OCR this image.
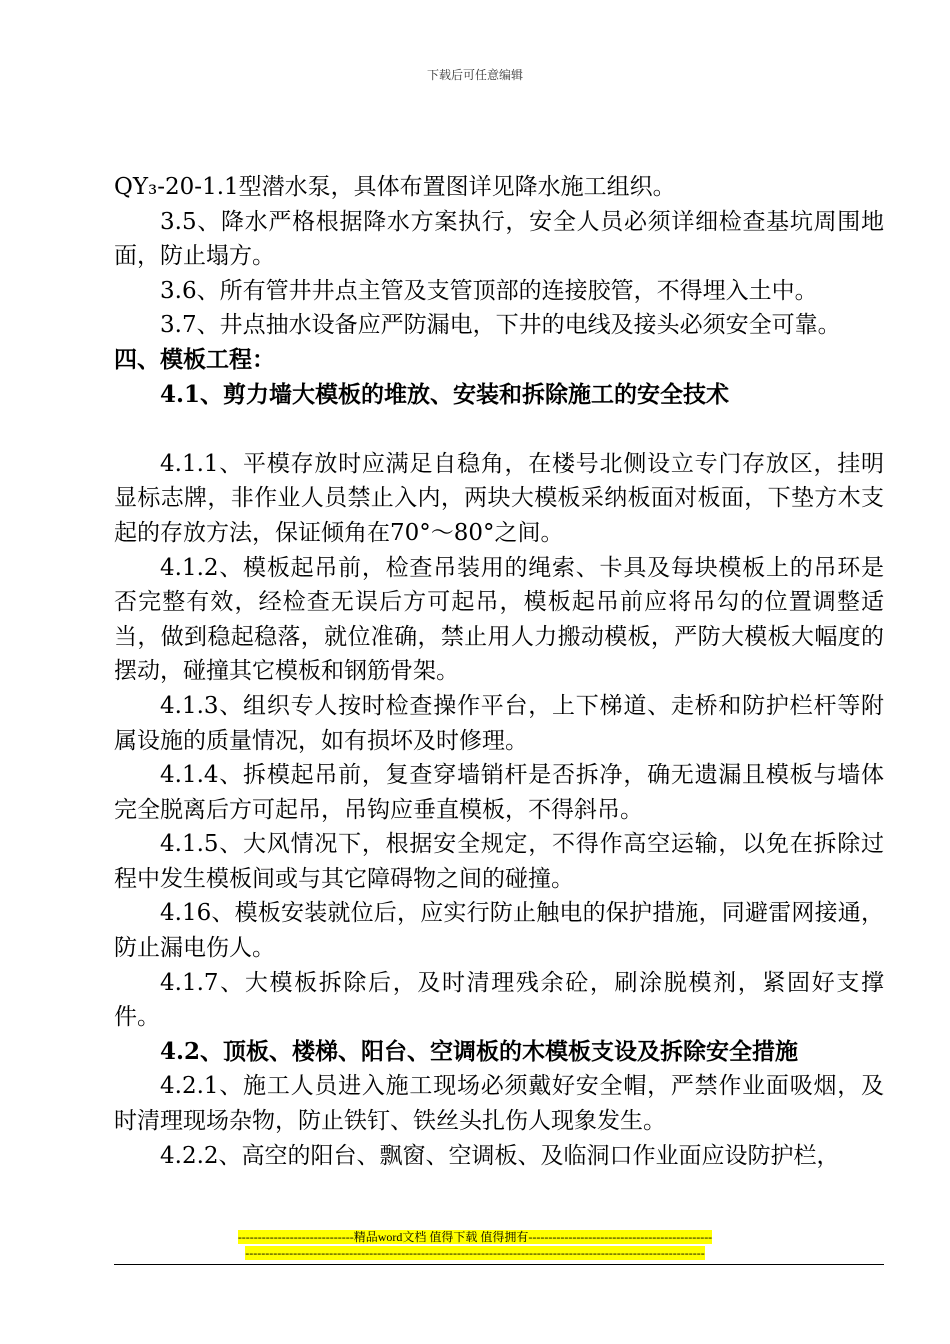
下载后可任意编辑

QY₃-20-1.1型潜水泵，具体布置图详见降水施工组织。

3.5、降水严格根据降水方案执行，安全人员必须详细检查基坑周围地面，防止塌方。

3.6、所有管井井点主管及支管顶部的连接胶管，不得埋入土中。

3.7、井点抽水设备应严防漏电，下井的电线及接头必须安全可靠。

四、模板工程：

4.1、剪力墙大模板的堆放、安装和拆除施工的安全技术

4.1.1、平模存放时应满足自稳角，在楼号北侧设立专门存放区，挂明显标志牌，非作业人员禁止入内，两块大模板采纳板面对板面，下垫方木支起的存放方法，保证倾角在70°～80°之间。

4.1.2、模板起吊前，检查吊装用的绳索、卡具及每块模板上的吊环是否完整有效，经检查无误后方可起吊，模板起吊前应将吊勾的位置调整适当，做到稳起稳落，就位准确，禁止用人力搬动模板，严防大模板大幅度的摆动，碰撞其它模板和钢筋骨架。

4.1.3、组织专人按时检查操作平台，上下梯道、走桥和防护栏杆等附属设施的质量情况，如有损坏及时修理。

4.1.4、拆模起吊前，复查穿墙销杆是否拆净，确无遗漏且模板与墙体完全脱离后方可起吊，吊钩应垂直模板，不得斜吊。

4.1.5、大风情况下，根据安全规定，不得作高空运输，以免在拆除过程中发生模板间或与其它障碍物之间的碰撞。

4.16、模板安装就位后，应实行防止触电的保护措施，同避雷网接通，防止漏电伤人。

4.1.7、大模板拆除后，及时清理残余砼，刷涂脱模剂，紧固好支撑件。

4.2、顶板、楼梯、阳台、空调板的木模板支设及拆除安全措施

4.2.1、施工人员进入施工现场必须戴好安全帽，严禁作业面吸烟，及时清理现场杂物，防止铁钉、铁丝头扎伤人现象发生。

4.2.2、高空的阳台、飘窗、空调板、及临洞口作业面应设防护栏，

-----------------------------精品word文档 值得下载 值得拥有----------------------------------------------
-------------------------------------------------------------------------------------------------------------------
